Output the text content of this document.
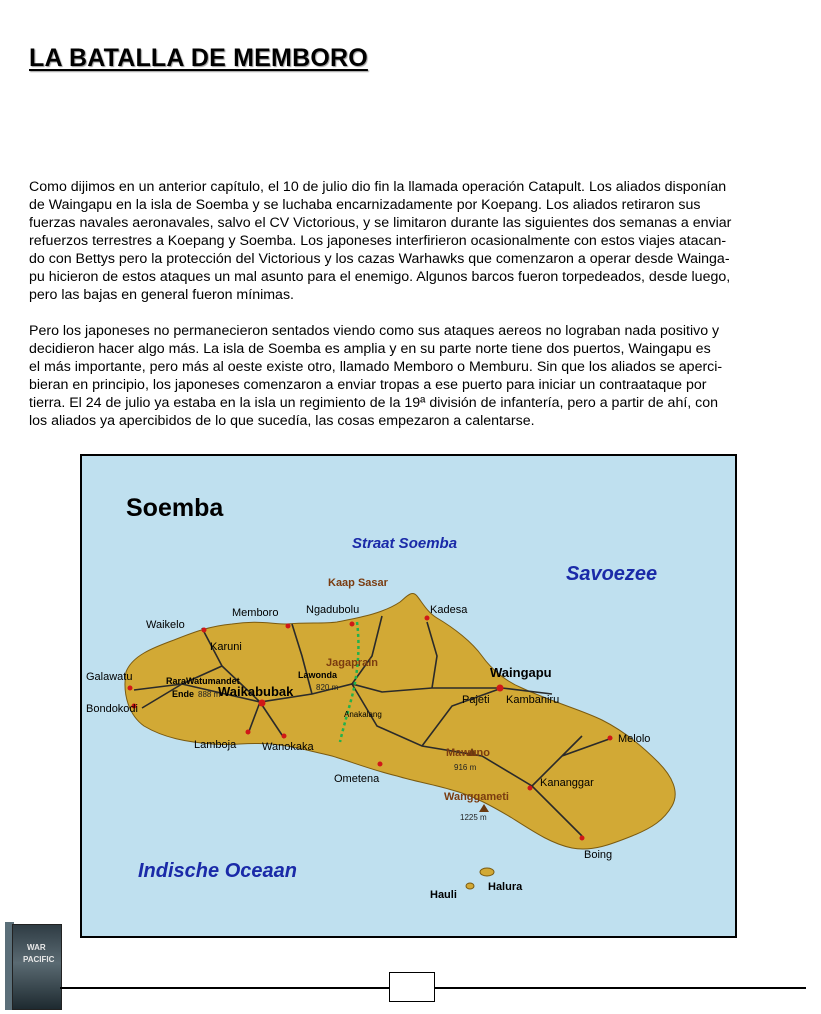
LA BATALLA DE MEMBORO
Como dijimos en un anterior capítulo, el 10 de julio dio fin la llamada operación Catapult. Los aliados disponían
de Waingapu en la isla de Soemba y se luchaba encarnizadamente por Koepang. Los aliados retiraron sus
fuerzas navales aeronavales, salvo el CV Victorious, y se limitaron durante las siguientes dos semanas a enviar
refuerzos terrestres a Koepang y Soemba. Los japoneses interfirieron ocasionalmente con estos viajes atacan-
do con Bettys pero la protección del Victorious y los cazas Warhawks que comenzaron a operar desde Wainga-
pu hicieron de estos ataques un mal asunto para el enemigo. Algunos barcos fueron torpedeados, desde luego,
pero las bajas en general fueron mínimas.
Pero los japoneses no permanecieron sentados viendo como sus ataques aereos no lograban nada positivo y
decidieron hacer algo más. La isla de Soemba es amplia y en su parte norte tiene dos puertos, Waingapu es
el más importante, pero más al oeste existe otro, llamado Memboro o Memburu. Sin que los aliados se aperci-
bieran en principio, los japoneses comenzaron a enviar tropas a ese puerto para iniciar un contraataque por
tierra. El 24 de julio ya estaba en la isla un regimiento de la 19ª división de infantería, pero a partir de ahí, con
los aliados ya apercibidos de lo que sucedía, las cosas empezaron a calentarse.
Soemba
Straat Soemba
Savoezee
Indische Oceaan
Kaap Sasar
Waikelo
Memboro	Ngadubolu	Kadesa
Karuni
Galawatu
Jagaprain
Lawonda
RaraWatumandet
Ende Waikabubak
Bondokodi	Anakalang
Waingapu
Pajeti Kambaniru
Lamboja Wanokaka
Ometena
Melolo
Kananggar
Boing
Hauli
Halura
Mawuno
916 m
Wanggameti
1225 m
820 m
888 m
WAR
PACIFIC
